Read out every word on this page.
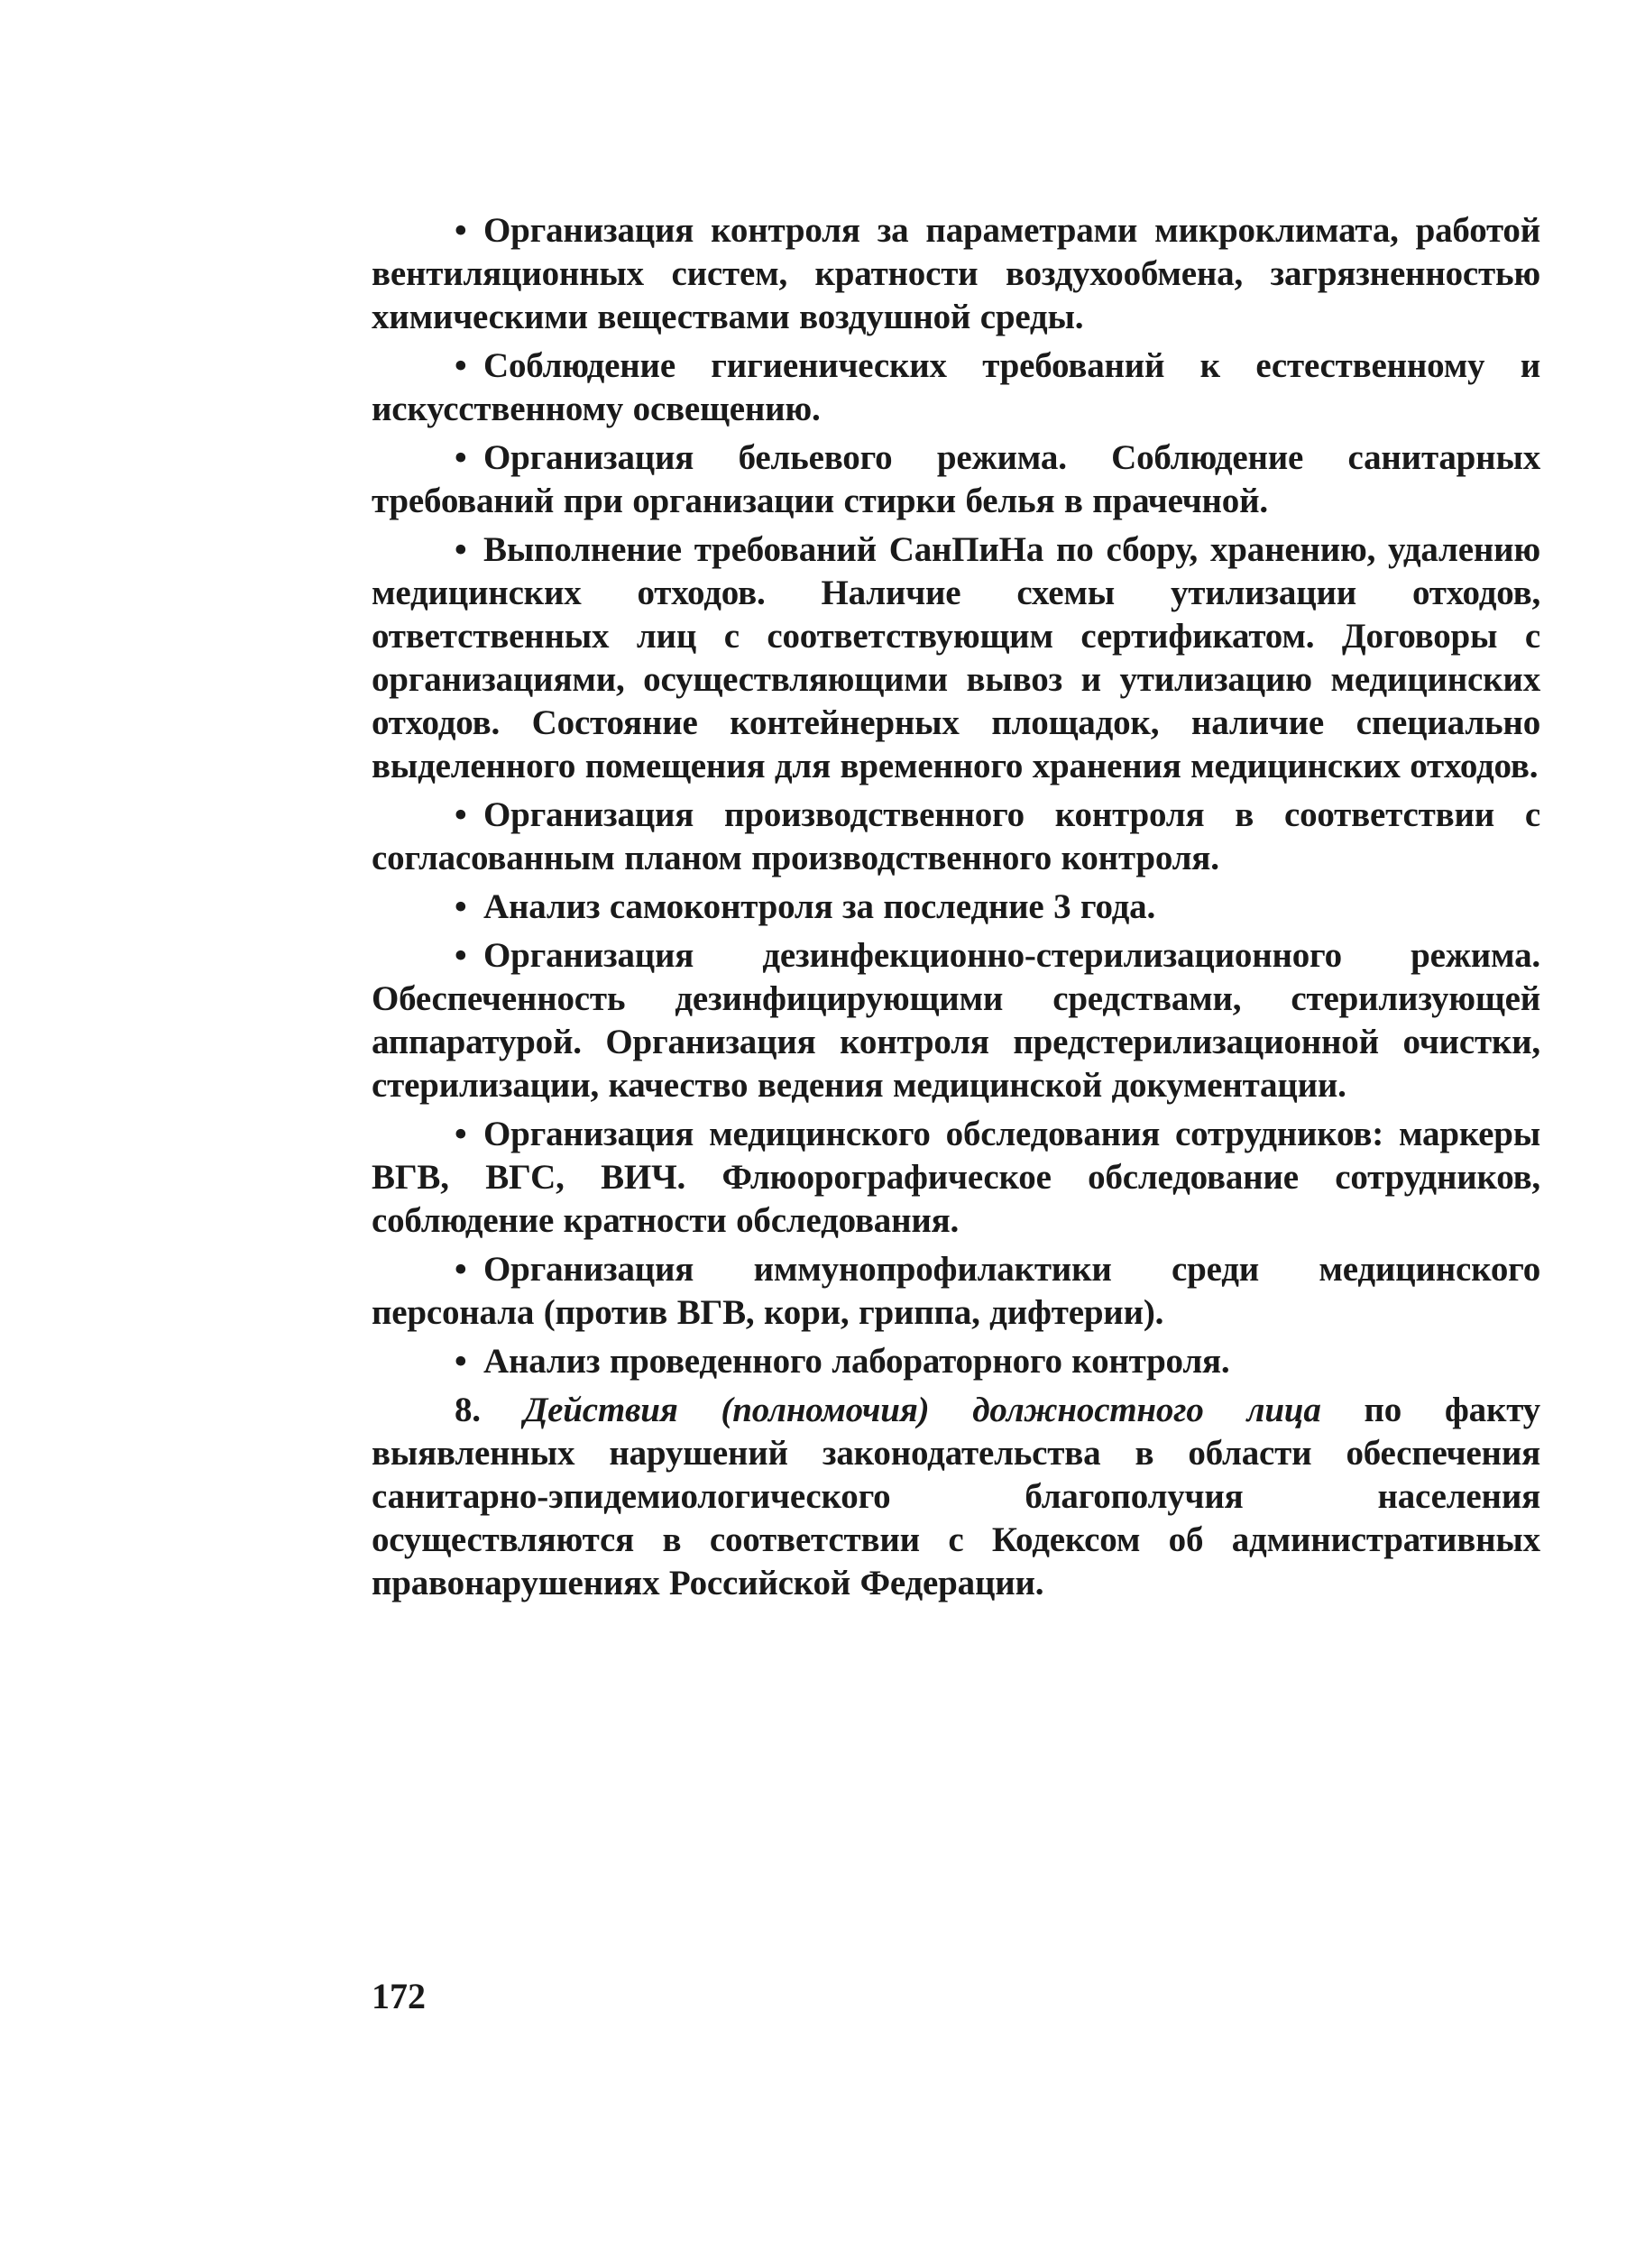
• Организация контроля за параметрами микроклимата, работой вентиляционных систем, кратности воздухообмена, загрязненностью химическими веществами воздушной среды.

• Соблюдение гигиенических требований к естественному и искусственному освещению.

• Организация бельевого режима. Соблюдение санитарных требований при организации стирки белья в прачечной.

• Выполнение требований СанПиНа по сбору, хранению, удалению медицинских отходов. Наличие схемы утилизации отходов, ответственных лиц с соответствующим сертификатом. Договоры с организациями, осуществляющими вывоз и утилизацию медицинских отходов. Состояние контейнерных площадок, наличие специально выделенного помещения для временного хранения медицинских отходов.

• Организация производственного контроля в соответствии с согласованным планом производственного контроля.

• Анализ самоконтроля за последние 3 года.

• Организация дезинфекционно-стерилизационного режима. Обеспеченность дезинфицирующими средствами, стерилизующей аппаратурой. Организация контроля предстерилизационной очистки, стерилизации, качество ведения медицинской документации.

• Организация медицинского обследования сотрудников: маркеры ВГВ, ВГС, ВИЧ. Флюорографическое обследование сотрудников, соблюдение кратности обследования.

• Организация иммунопрофилактики среди медицинского персонала (против ВГВ, кори, гриппа, дифтерии).

• Анализ проведенного лабораторного контроля.

8. Действия (полномочия) должностного лица по факту выявленных нарушений законодательства в области обеспечения санитарно-эпидемиологического благополучия населения осуществляются в соответствии с Кодексом об административных правонарушениях Российской Федерации.

172
